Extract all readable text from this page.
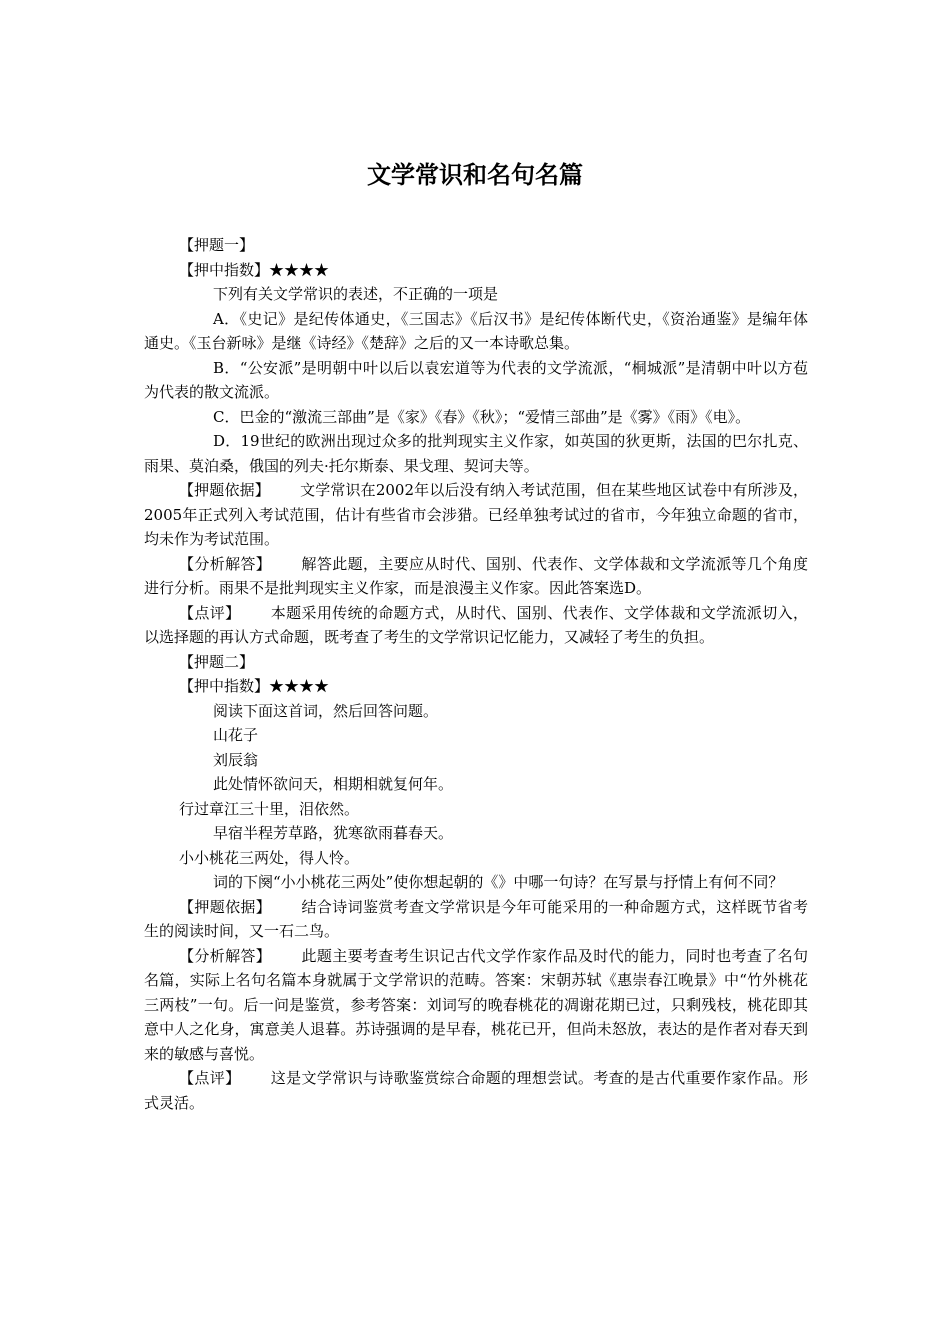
文学常识和名句名篇

【押题一】

【押中指数】★★★★

下列有关文学常识的表述，不正确的一项是

A．《史记》是纪传体通史，《三国志》《后汉书》是纪传体断代史，《资治通鉴》是编年体通史。《玉台新咏》是继《诗经》《楚辞》之后的又一本诗歌总集。

B．“公安派”是明朝中叶以后以袁宏道等为代表的文学流派，“桐城派”是清朝中叶以方苞为代表的散文流派。

C．巴金的“激流三部曲”是《家》《春》《秋》；“爱情三部曲”是《雾》《雨》《电》。

D．19世纪的欧洲出现过众多的批判现实主义作家，如英国的狄更斯，法国的巴尔扎克、雨果、莫泊桑，俄国的列夫·托尔斯泰、果戈理、契诃夫等。

【押题依据】 文学常识在2002年以后没有纳入考试范围，但在某些地区试卷中有所涉及，2005年正式列入考试范围，估计有些省市会涉猎。已经单独考试过的省市，今年独立命题的省市，均未作为考试范围。

【分析解答】 解答此题，主要应从时代、国别、代表作、文学体裁和文学流派等几个角度进行分析。雨果不是批判现实主义作家，而是浪漫主义作家。因此答案选D。

【点评】 本题采用传统的命题方式，从时代、国别、代表作、文学体裁和文学流派切入，以选择题的再认方式命题，既考查了考生的文学常识记忆能力，又减轻了考生的负担。

【押题二】

【押中指数】★★★★

阅读下面这首词，然后回答问题。

山花子

刘辰翁

此处情怀欲问天，相期相就复何年。

行过章江三十里，泪依然。

早宿半程芳草路，犹寒欲雨暮春天。

小小桃花三两处，得人怜。

词的下阕“小小桃花三两处”使你想起朝的《》中哪一句诗？在写景与抒情上有何不同？

【押题依据】 结合诗词鉴赏考查文学常识是今年可能采用的一种命题方式，这样既节省考生的阅读时间，又一石二鸟。

【分析解答】 此题主要考查考生识记古代文学作家作品及时代的能力，同时也考查了名句名篇，实际上名句名篇本身就属于文学常识的范畴。答案：宋朝苏轼《惠崇春江晚景》中“竹外桃花三两枝”一句。后一问是鉴赏，参考答案：刘词写的晚春桃花的凋谢花期已过，只剩残枝，桃花即其意中人之化身，寓意美人退暮。苏诗强调的是早春，桃花已开，但尚未怒放，表达的是作者对春天到来的敏感与喜悦。

【点评】 这是文学常识与诗歌鉴赏综合命题的理想尝试。考查的是古代重要作家作品。形式灵活。
